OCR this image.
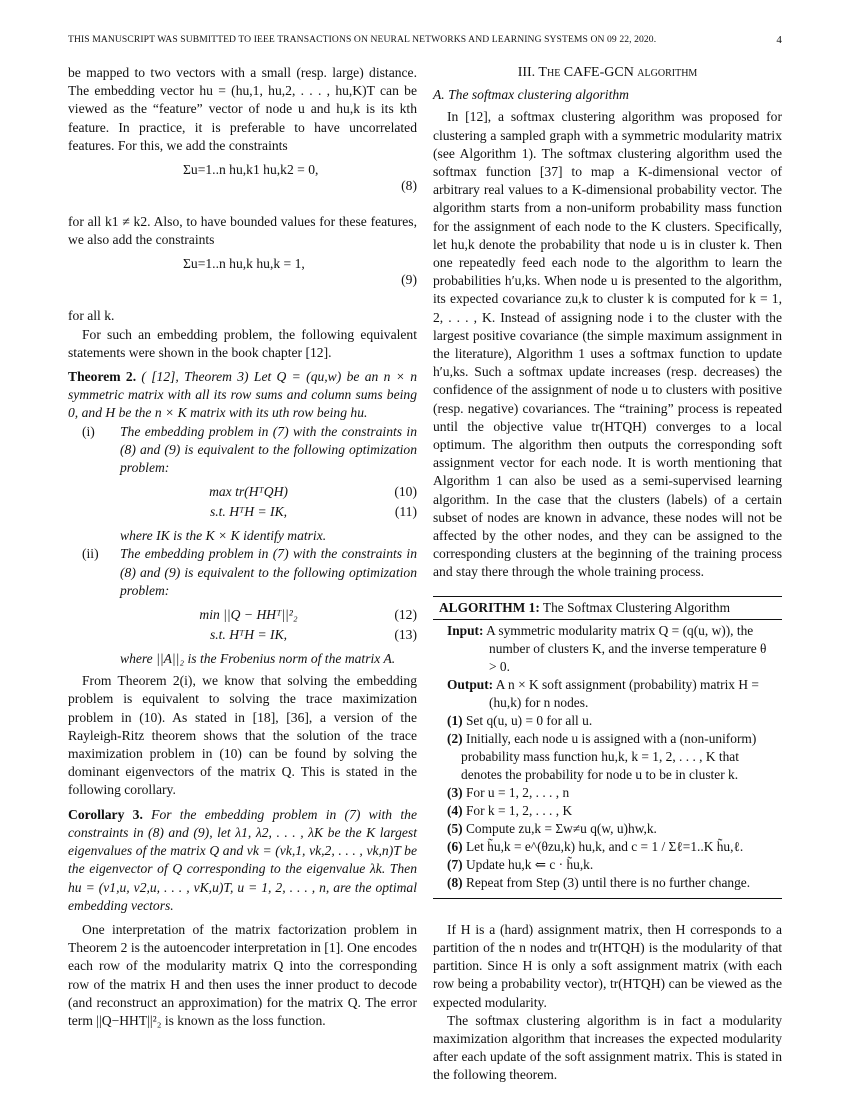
THIS MANUSCRIPT WAS SUBMITTED TO IEEE TRANSACTIONS ON NEURAL NETWORKS AND LEARNING SYSTEMS ON 09 22, 2020.	4

be mapped to two vectors with a small (resp. large) distance. The embedding vector hu = (hu,1, hu,2, . . . , hu,K)T can be viewed as the “feature” vector of node u and hu,k is its kth feature. In practice, it is preferable to have uncorrelated features. For this, we add the constraints

Σu=1..n hu,k1 hu,k2 = 0,
(8)

for all k1 ≠ k2. Also, to have bounded values for these features, we also add the constraints

Σu=1..n hu,k hu,k = 1,
(9)

for all k.

For such an embedding problem, the following equivalent statements were shown in the book chapter [12].

Theorem 2. ( [12], Theorem 3) Let Q = (qu,w) be an n × n symmetric matrix with all its row sums and column sums being 0, and H be the n × K matrix with its uth row being hu.

(i) The embedding problem in (7) with the constraints in (8) and (9) is equivalent to the following optimization problem:
max tr(HᵀQH)	(10)
s.t. HᵀH = IK,	(11)

where IK is the K × K identify matrix.

(ii) The embedding problem in (7) with the constraints in (8) and (9) is equivalent to the following optimization problem:
min ||Q − HHᵀ||²₂	(12)
s.t. HᵀH = IK,	(13)

where ||A||₂ is the Frobenius norm of the matrix A.

From Theorem 2(i), we know that solving the embedding problem is equivalent to solving the trace maximization problem in (10). As stated in [18], [36], a version of the Rayleigh-Ritz theorem shows that the solution of the trace maximization problem in (10) can be found by solving the dominant eigenvectors of the matrix Q. This is stated in the following corollary.

Corollary 3. For the embedding problem in (7) with the constraints in (8) and (9), let λ1, λ2, . . . , λK be the K largest eigenvalues of the matrix Q and vk = (vk,1, vk,2, . . . , vk,n)T be the eigenvector of Q corresponding to the eigenvalue λk. Then hu = (v1,u, v2,u, . . . , vK,u)T, u = 1, 2, . . . , n, are the optimal embedding vectors.

One interpretation of the matrix factorization problem in Theorem 2 is the autoencoder interpretation in [1]. One encodes each row of the modularity matrix Q into the corresponding row of the matrix H and then uses the inner product to decode (and reconstruct an approximation) for the matrix Q. The error term ||Q−HHT||²₂ is known as the loss function.

III. The CAFE-GCN algorithm
A. The softmax clustering algorithm

In [12], a softmax clustering algorithm was proposed for clustering a sampled graph with a symmetric modularity matrix (see Algorithm 1). The softmax clustering algorithm used the softmax function [37] to map a K-dimensional vector of arbitrary real values to a K-dimensional probability vector. The algorithm starts from a non-uniform probability mass function for the assignment of each node to the K clusters. Specifically, let hu,k denote the probability that node u is in cluster k. Then one repeatedly feed each node to the algorithm to learn the probabilities h′u,ks. When node u is presented to the algorithm, its expected covariance zu,k to cluster k is computed for k = 1, 2, . . . , K. Instead of assigning node i to the cluster with the largest positive covariance (the simple maximum assignment in the literature), Algorithm 1 uses a softmax function to update h′u,ks. Such a softmax update increases (resp. decreases) the confidence of the assignment of node u to clusters with positive (resp. negative) covariances. The “training” process is repeated until the objective value tr(HTQH) converges to a local optimum. The algorithm then outputs the corresponding soft assignment vector for each node. It is worth mentioning that Algorithm 1 can also be used as a semi-supervised learning algorithm. In the case that the clusters (labels) of a certain subset of nodes are known in advance, these nodes will not be affected by the other nodes, and they can be assigned to the corresponding clusters at the beginning of the training process and stay there through the whole training process.

ALGORITHM 1: The Softmax Clustering Algorithm
Input: A symmetric modularity matrix Q = (q(u, w)), the number of clusters K, and the inverse temperature θ > 0.
Output: A n × K soft assignment (probability) matrix H = (hu,k) for n nodes.
(1) Set q(u, u) = 0 for all u.
(2) Initially, each node u is assigned with a (non-uniform) probability mass function hu,k, k = 1, 2, . . . , K that denotes the probability for node u to be in cluster k.
(3) For u = 1, 2, . . . , n
(4) For k = 1, 2, . . . , K
(5) Compute zu,k = Σw≠u q(w, u)hw,k.
(6) Let h̃u,k = e^(θzu,k) hu,k, and c = 1 / Σℓ=1..K h̃u,ℓ.
(7) Update hu,k ⇐ c · h̃u,k.
(8) Repeat from Step (3) until there is no further change.

If H is a (hard) assignment matrix, then H corresponds to a partition of the n nodes and tr(HTQH) is the modularity of that partition. Since H is only a soft assignment matrix (with each row being a probability vector), tr(HTQH) can be viewed as the expected modularity.

The softmax clustering algorithm is in fact a modularity maximization algorithm that increases the expected modularity after each update of the soft assignment matrix. This is stated in the following theorem.
